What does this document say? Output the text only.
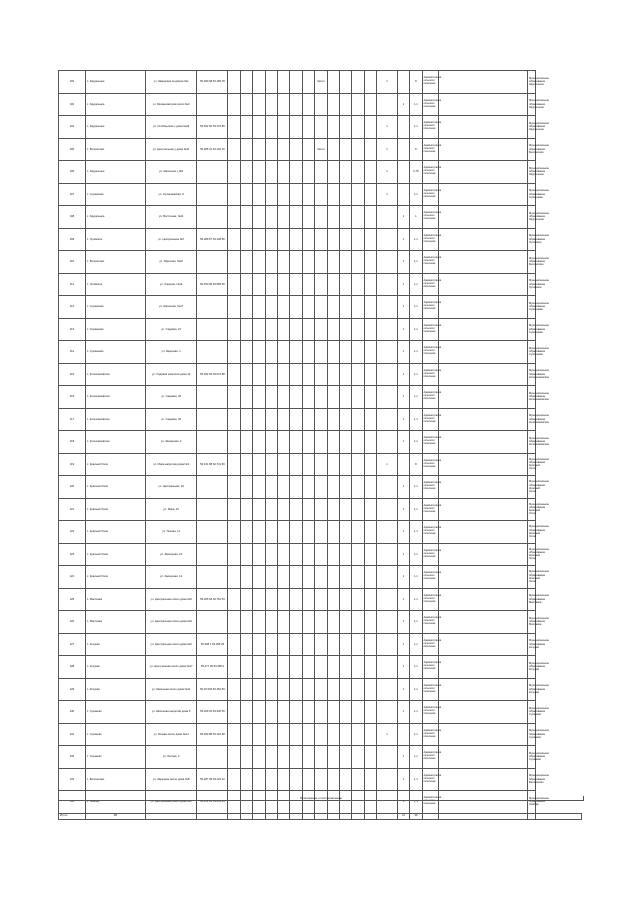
102	с. Зауральное	ул. Заводская за домом №1	56.290 68 63.183 78								бетон					1		8	Администрация сельского поселения		Муниципальное образование Зауральное	
103	с. Зауральное	ул. Механизаторов около №3															1	1,1	Администрация сельского поселения		Муниципальное образование Зауральное	
104	с. Зауральное	ул. Октябрьская у дома №29	56.302 92 63.176 86													1		1,1	Администрация сельского поселения		Муниципальное образование Зауральное	
105	с. Белоногово	ул. Центральная у дома №11	56.286 31 63.122 15								бетон					1		8	Администрация сельского поселения		Муниципальное образование Белоногово	
106	с. Зауральное	ул. Школьная у №5														1		0,75	Администрация сельского поселения		Муниципальное образование Зауральное	
107	с. Сухменево	ул. Сухменевская, 9														1		1,1	Администрация сельского поселения		Муниципальное образование Сухменево	
108	с. Зауральное	ул. Восточная, №11															1	1	Администрация сельского поселения		Муниципальное образование Зауральное	
109	с. Луговское	ул. Центральная №7	56.289 87 63.148 80														1	1,1	Администрация сельского поселения		Муниципальное образование Луговское	
110	с. Белоногово	ул. Заречная, №10															1	1,1	Администрация сельского поселения		Муниципальное образование Белоногово	
111	с. Луговское	ул. Озерная, №14	56.250 96 63.058 96														1	1,1	Администрация сельского поселения		Муниципальное образование Луговское	
112	с. Сухменево	ул. Школьная, №17															1	1,1	Администрация сельского поселения		Муниципальное образование Сухменево	
113	с. Сухменево	ул. Садовая, 21															1	1,1	Администрация сельского поселения		Муниципальное образование Сухменево	
114	с. Сухменево	ул. Заречная, 1															1	1,1	Администрация сельского поселения		Муниципальное образование Сухменево	
115	с. Колесниковское	ул. Садовая напротив дома 14	56.262 93 63.074 88														1	1,1	Администрация сельского поселения		Муниципальное образование Колесниковское	
116	с. Колесниковское	ул. Садовая, 26															1	1,1	Администрация сельского поселения		Муниципальное образование Колесниковское	
117	с. Колесниковское	ул. Садовая, 46															1	1,1	Администрация сельского поселения		Муниципальное образование Колесниковское	
118	с. Колесниковское	ул. Заозерная, 2															1	1,1	Администрация сельского поселения		Муниципальное образование Колесниковское	
119	с. Красный Холм	ул. Мира напротив дома №3	56.191 88 62.741 66													1		8	Администрация сельского поселения		Муниципальное образование Красный Холм	
120	с. Красный Холм	ул. Центральная, 22															1	1,1	Администрация сельского поселения		Муниципальное образование Красный Холм	
121	с. Красный Холм	ул. Мира, 15															1	1,1	Администрация сельского поселения		Муниципальное образование Красный Холм	
122	с. Красный Холм	ул. Лесная, 11															1	1,1	Администрация сельского поселения		Муниципальное образование Красный Холм	
123	с. Красный Холм	ул. Заозерная, 16															1	1,1	Администрация сельского поселения		Муниципальное образование Красный Холм	
124	с. Красный Холм	ул. Заозерная, 12															1	1,1	Администрация сельского поселения		Муниципальное образование Красный Холм	
125	с. Маслянка	ул. Центральная около дома №5	56.205 84 62.761 53														1	1,1	Администрация сельского поселения		Муниципальное образование Маслянка	
126	с. Маслянка	ул. Центральная около дома №9															1	1,1	Администрация сельского поселения		Муниципальное образование Маслянка	
127	с. Кочуево	ул. Центральная около дома №3	56.268 1 63.263 25														1	1,1	Администрация сельского поселения		Муниципальное образование Кочуево	
128	с. Кочуево	ул. Центральная около дома №17	56.277 06 63.258 2														1	1,1	Администрация сельского поселения		Муниципальное образование Кочуево	
129	с. Кочуево	ул. Школьная около дома №11	56.26 093 63.252 59														1	1,1	Администрация сельского поселения		Муниципальное образование Кочуево	
130	с. Суханово	ул. Школьная напротив дома 5	56.269 04 63.230 65														1	1,1	Администрация сельского поселения		Муниципальное образование Суханово	
131	с. Суханово	ул. Речная около дома №14	56.263 88 63.191 98													1		1,1	Администрация сельского поселения		Муниципальное образование Суханово	
132	с. Суханово	ул. Лесная, 2															1	1,1	Администрация сельского поселения		Муниципальное образование Суханово	
133	с. Белоногово	ул. Заречная около дома №8	56.287 99 63.123 42														1	1,1	Администрация сельского поселения		Муниципальное образование Белоногово	
134	с. Чембар	ул. Центральная около дома №5	56.152 93 63.041 24														1	1,1	Администрация сельского поселения		Муниципальное образование Чембар	
Итого	38																11	30				
Приложение к постановлению
